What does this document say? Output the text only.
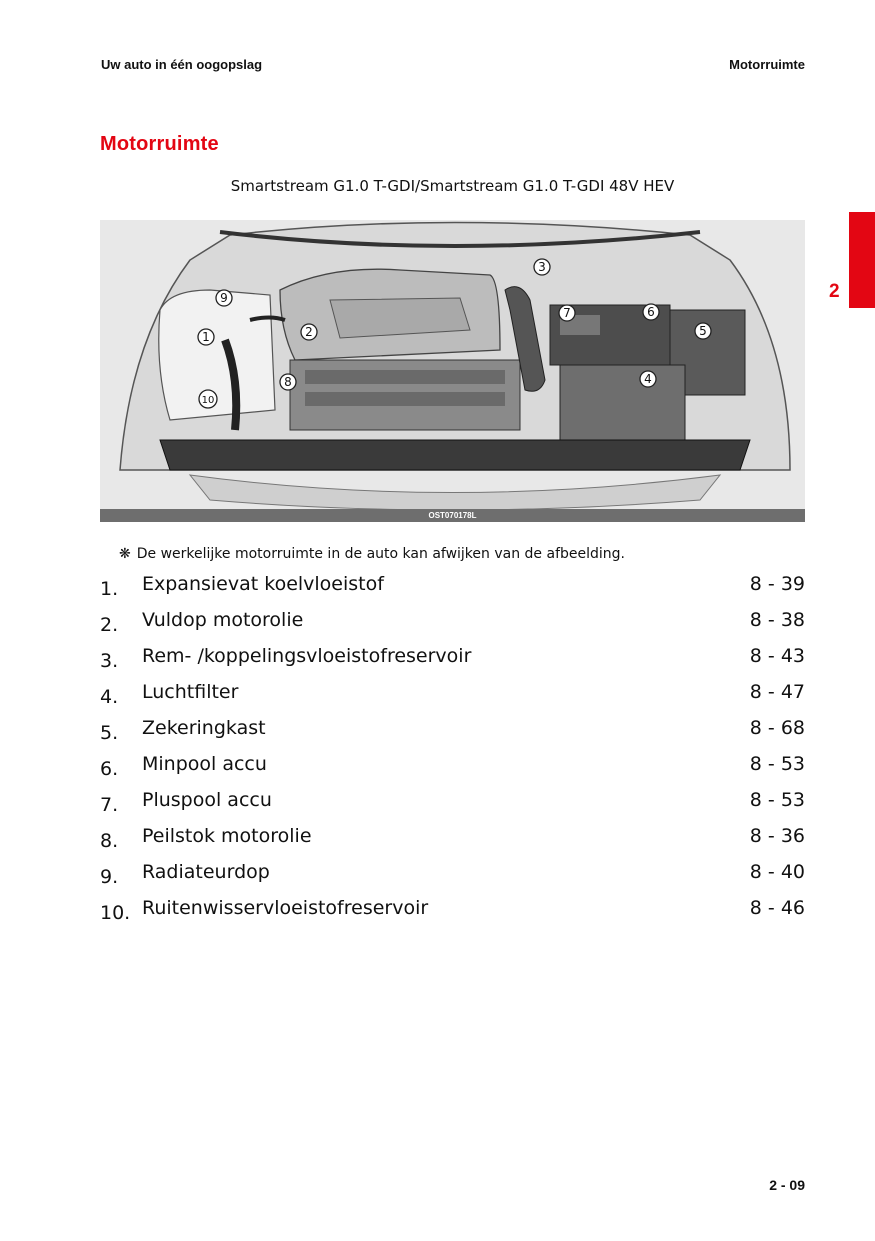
Uw auto in één oogopslag	Motorruimte
2
Motorruimte
Smartstream G1.0 T-GDI/Smartstream G1.0 T-GDI 48V HEV
1	2
3
4
5
6
7
8
9
10
OST070178L
❋ De werkelijke motorruimte in de auto kan afwijken van de afbeelding.
1. Expansievat koelvloeistof	8 - 39
2. Vuldop motorolie	8 - 38
3. Rem- /koppelingsvloeistofreservoir	8 - 43
4. Luchtfilter	8 - 47
5. Zekeringkast	8 - 68
6. Minpool accu	8 - 53
7. Pluspool accu	8 - 53
8. Peilstok motorolie	8 - 36
9. Radiateurdop	8 - 40
10. Ruitenwisservloeistofreservoir	8 - 46
2 - 09
